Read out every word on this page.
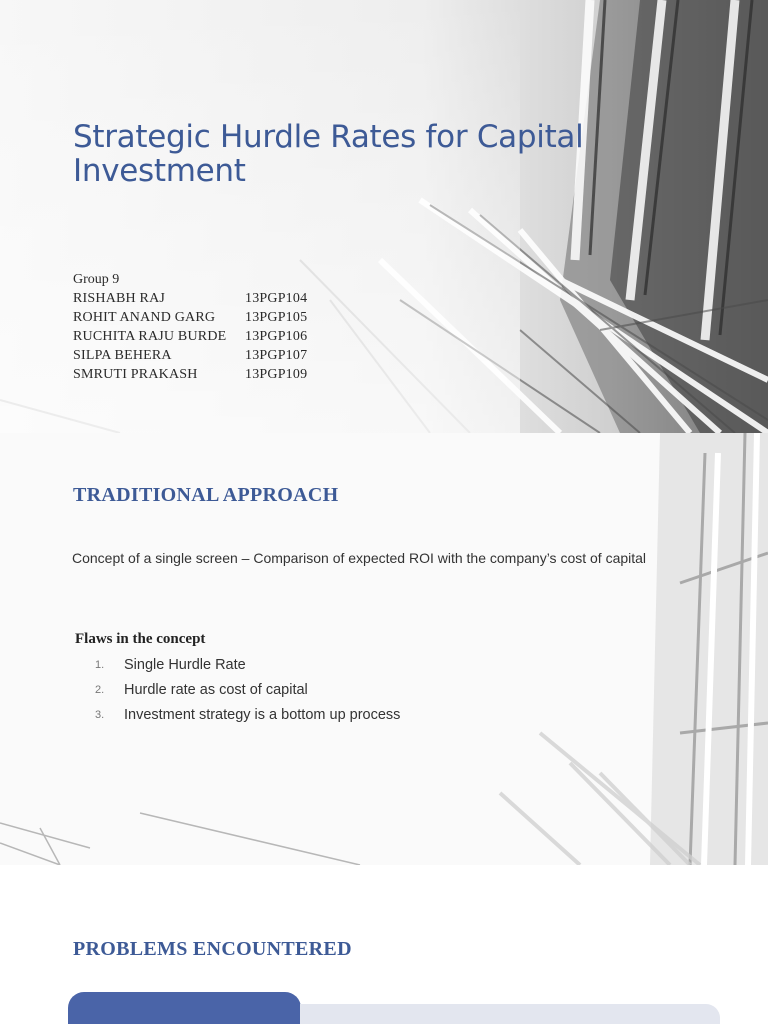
Strategic Hurdle Rates for Capital Investment
Group 9
RISHABH RAJ	13PGP104
ROHIT ANAND GARG 13PGP105
RUCHITA RAJU BURDE 13PGP106
SILPA BEHERA	13PGP107
SMRUTI PRAKASH	13PGP109
TRADITIONAL APPROACH
Concept of a single screen – Comparison of expected ROI with the company’s cost of capital
Flaws in the concept
1. Single Hurdle Rate
2. Hurdle rate as cost of capital
3. Investment strategy is a bottom up process
PROBLEMS ENCOUNTERED
